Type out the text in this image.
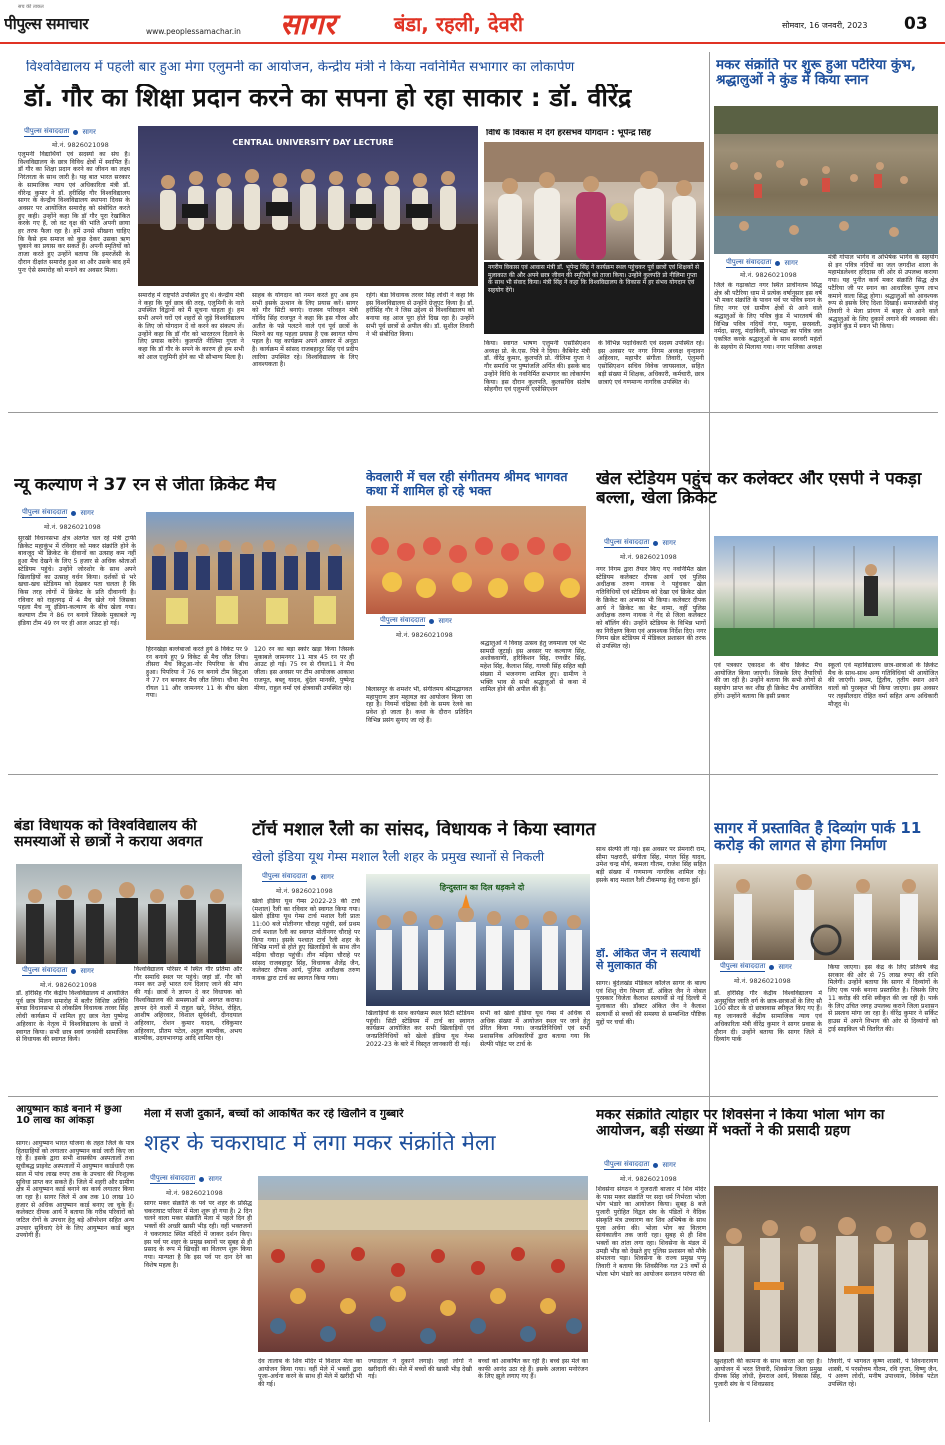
सच की ताकत
पीपुल्स समाचार	www.peoplessamachar.in सागर	बंडा, रहली, देवरी	सोमवार, 16 जनवरी, 2023 03
विश्वविद्यालय में पहली बार हुआ मेगा एलुमनी का आयोजन, केन्द्रीय मंत्री ने किया नवनिर्मित सभागार का लोकार्पण
डॉ. गौर का शिक्षा प्रदान करने का सपना हो रहा साकार : डॉ. वीरेंद्र
पीपुल्स संवाददाता सागर
मो.नं. 9826021098
एलुमनी विद्यार्थियों एवं सदस्यों का संघ है। विश्वविद्यालय के छात्र विविध क्षेत्रों में स्थापित हैं। डॉ गौर का शिक्षा प्रदान करने का जीवन का लक्ष्य निरंतरता के साथ जारी है। यह बात भारत सरकार के सामाजिक न्याय एवं अधिकारिता मंत्री डॉ. वीरेन्द्र कुमार ने डॉ. हरीसिंह गौर विश्वविद्यालय सागर के केन्द्रीय विश्वविद्यालय स्थापना दिवस के अवसर पर आयोजित समारोह को संबोधित करते हुए कही। उन्होंने कहा कि डॉ गौर पूरा रेखांकित करके गए हैं, जो वट वृक्ष की भांति अपनी छाया हर तरफ फैला रहा है। हमें उनसे सीखना चाहिए कि कैसे हम समाज को कुछ देकर उसका ऋण चुकाने का प्रयास कर सकते हैं। अपनी स्मृतियों को ताजा करते हुए उन्होंने बताया कि इमरजेंसी के दौरान दीक्षांत समारोह हुआ था और उसके बाद हमें पुनः ऐसे समारोह को मनाने का अवसर मिला।
CENTRAL UNIVERSITY DAY LECTURE
समारोह में राष्ट्रपति उपस्थित हुए थे। केन्द्रीय मंत्री ने कहा कि पूर्व छात्र की तरह, एलुमिनी के नाते उपस्थित विद्वानों को मैं सूचना चाहता हूं। हम सभी अपने घरों एवं शहरों से जुड़े विश्वविद्यालय के लिए जो योगदान दें वो करने का संकल्प लें। उन्होंने कहा कि डॉ गौर को भारतरत्न दिलाने के लिए प्रयास करेंगे। कुलपति नीलिमा गुप्ता ने कहा कि डॉ गौर के सपने के कारण ही हम सभी को आज एलुमिनी होने का भी सौभाग्य मिला है।
साहब के योगदान को नमन करते हुए अब हम सभी इसके उत्थान के लिए प्रयास करें। सागर को गौर सिटी बनाएं। राजस्व परिवहन मंत्री गोविंद सिंह राजपूत ने कहा कि इस गौरव और अतीत के पन्ने पलटने वाले एवं पूर्व छात्रों के मिलने का यह पहला प्रयास है एक स्वागत योग्य पहल है। यह कार्यक्रम अपने आकार में अनूठा है। कार्यक्रम में सांसद राजबहादुर सिंह एवं प्रदीप लारिया उपस्थित रहे। विश्वविद्यालय के लिए आवश्यकता है।
रहेंगे। बंडा विधायक तरवर सिंह लोधी ने कहा कि इस विश्वविद्यालय से उन्होंने ग्रेजुएट किया है। डॉ. हरीसिंह गौर ने जिस उद्देश्य से विश्वविद्यालय को बनाया वह आज पूरा होते दिख रहा है। उन्होंने सभी पूर्व छात्रों से अपील की। डॉ. सुशील तिवारी ने भी संबोधित किया।
विधि के विकास में देंगे हरसंभव योगदान : भूपेन्द्र सिंह
नगरीय विकास एवं आवास मंत्री डॉ. भूपेन्द्र सिंह ने कार्यक्रम स्थल पहुंचकर पूर्व छात्रों एवं शिक्षकों से मुलाकात की और अपने छात्र जीवन की स्मृतियों को ताजा किया। उन्होंने कुलपति प्रो नीलिमा गुप्ता के साथ भी संवाद किया। मंत्री सिंह ने कहा कि विश्वविद्यालय के विकास में हर संभव योगदान एवं सहयोग देंगे।
किया। स्वागत भाषण एलुमनी एसोसिएशन अध्यक्ष प्रो. के.एस. पित्रे ने दिया। कैबिनेट मंत्री डॉ. वीरेंद्र कुमार, कुलपति प्रो. नीलिमा गुप्ता ने गौर समाधि पर पुष्पांजलि अर्पित की। इसके बाद उन्होंने विधि के नवनिर्मित सभागार का लोकार्पण किया। इस दौरान कुलपति, कुलसचिव संतोष सोहगौरा एवं एलुमनी एसोसिएशन
के विभिन्न पदाधिकारी एवं सदस्य उपस्थित रहे। इस अवसर पर नगर निगम अध्यक्ष वृन्दावन अहिरवार, महापौर संगीता तिवारी, एलुमनी एसोसिएशन सचिव विवेक जायसवाल, सहित बड़ी संख्या में शिक्षक, अधिकारी, कर्मचारी, छात्र छात्राएं एवं गणमान्य नागरिक उपस्थित थे।
मकर संक्रांति पर शुरू हुआ पटैरिया कुंभ, श्रद्धालुओं ने कुंड में किया स्नान
पीपुल्स संवाददाता सागर
मो.नं. 9826021098
जिले के गढ़ाकोटा नगर स्थित प्राचीनतम सिद्ध क्षेत्र श्री पटैरिया धाम में प्रत्येक वर्षानुसार इस वर्ष भी मकर संक्रांति के पावन पर्व पर पवित्र स्नान के लिए नगर एवं ग्रामीण क्षेत्रों से आने वाले श्रद्धालुओं के लिए पवित्र कुंड में भारतवर्ष की विभिन्न पवित्र नदियों गंगा, यमुना, सरस्वती, नर्मदा, सरयू, मंदाकिनी, सोनभद्रा का पवित्र जल एकत्रित करके श्रद्धालुओं के साथ सरवरी महंतों के सहयोग से मिलाया गया। नगर पालिका अध्यक्ष
मंत्री गोपाल भार्गव व अभिषेक भार्गव के सहयोग से इन पवित्र नदियों का जल जगदीश शाला के महामंडलेश्वर हरिदास जी ओर से उपलब्ध कराया गया। यह पुनीत कार्य मकर संक्रांति सिद्ध क्षेत्र पटैरिया जी पर स्नान का आधारिक पुण्य लाभ कमाने वाला सिद्ध होगा। श्रद्धालुओं को आवश्यक रूप से इसके लिए दिशा दिखाई। समाजसेवी संजू तिवारी ने मेला प्रांगण में बाहर से आने वाले श्रद्धालुओं के लिए दुकानें लगाने की व्यवस्था की। उन्होंने कुंड में स्नान भी किया।
न्यू कल्याण ने 37 रन से जीता क्रिकेट मैच
पीपुल्स संवाददाता सागर
मो.नं. 9826021098
सुरखी विधानसभा क्षेत्र अंतर्गत चल रहे मंत्री ट्राफी क्रिकेट महाकुंभ में रविवार को मकर संक्रांति होने के बावजूद भी क्रिकेट के दीवानों का उत्साह कम नहीं हुआ मैच देखने के लिए 5 हजार से अधिक श्रोताओं स्टेडियम पहुंचे। उन्होंने जोरशोर के साथ अपने खिलाड़ियों का उत्साह वर्धन किया। दर्शकों से भरे खचा-खच स्टेडियम को देखकर पता चलता है कि किस तरह लोगों में क्रिकेट के प्रति दीवानगी है। रविवार को राहतगढ़ में 4 मैच खेले गये जिसका पहला मैच न्यू इंडिया-कल्याण के बीच खेला गया। कल्याण टीम ने 86 रन बनाये जिसके मुकाबले न्यू इंडिया टीम 49 रन पर ही आल आउट हो गई।
हिरनखेड़ा बल्लेबाजों करते हुये 8 विकेट पर 9 रन बनाये हुए 9 विकेट से मैच जीत लिया। तीसरा मैच किटुआ-नोर पिपरिया के बीच हुआ। पिपरिया ने 76 रन बनाये टीम किटुआ ने 77 रन बनाकर मैच जीत लिया। चौथा मैच रॉयल 11 और जामनगर 11 के बीच खेला गया।
120 रन का बड़ा स्कोर खड़ा किया जिसके मुकाबले जामनगर 11 मात्र 45 रन पर ही आउट हो गई। 75 रन से रॉयल11 ने मैच जीता। इस अवसर पर टीम आयोजक आकाश राजपूत, बब्लू यादव, बुंदेल मानकी, पुष्पेन्द्र मीणा, राहुल वर्मा एवं क्षेत्रवासी उपस्थित रहे।
केवलारी में चल रही संगीतमय श्रीमद भागवत कथा में शामिल हो रहे भक्त
पीपुल्स संवाददाता सागर
मो.नं. 9826021098
बिलासपुर के शमशेर भी, संगीतमय श्रीमद्भागवत महापुराण ज्ञान महायज्ञ का आयोजन किया जा रहा है। नियमों चंद्रिका देवी के समय रेलवे का प्रवेश हो जाता है। कथा के दौरान प्रतिदिन विभिन्न प्रसंग सुनाए जा रहे हैं।
श्रद्धालुओं ने विवाह उत्सव हेतु जयमाला एवं भेंट सामग्री जुटाई। इस अवसर पर कल्याण सिंह, अशोकवाणी, हरिकिशन सिंह, रणधीर सिंह, महेश सिंह, कैलाश सिंह, गायत्री सिंह सहित बड़ी संख्या में भजनगण शामिल हुए। ग्रामीण ने भक्ति भाव से सभी श्रद्धालुओं से कथा में शामिल होने की अपील की है।
खेल स्टेडियम पहुंच कर कलेक्टर और एसपी ने पकड़ा बल्ला, खेला क्रिकेट
पीपुल्स संवाददाता सागर
मो.नं. 9826021098
नगर निगम द्वारा तैयार किए गए नवनिर्मित खेल स्टेडियम कलेक्टर दीपक आर्य एवं पुलिस अधीक्षक तरुण नायक ने पहुंचकर खेल गतिविधियों एवं स्टेडियम को देखा एवं क्रिकेट खेल के क्रिकेट का अभ्यास भी किया। कलेक्टर दीपक आर्य ने क्रिकेट का बैट थामा, वहीं पुलिस अधीक्षक तरुण नायक ने गेंद से जिला कलेक्टर को बॉलिंग की। उन्होंने स्टेडियम के विभिन्न भागों का निरीक्षण किया एवं आवश्यक निर्देश दिए। नगर निगम खेल स्टेडियम में मेडिकल प्रशासन की तरफ से उपस्थित रहे।
एवं पत्रकार एकादश के बीच क्रिकेट मैच आयोजित किया जाएगी। जिसके लिए तैयारियों की जा रही है। उन्होंने बताया कि सभी लोगों से सहयोग प्राप्त कर शीघ्र ही क्रिकेट मैच आयोजित होंगे। उन्होंने बताया कि इसी प्रकार
स्कूलों एवं महाविद्यालय छात्र-छात्राओं के क्रिकेट मैच के साथ-साथ अन्य गतिविधियां भी आयोजित की जाएंगी। प्रथम, द्वितीय, तृतीय स्थान आने वालों को पुरस्कृत भी किया जाएगा। इस अवसर पर तहसीलदार रोहित वर्मा सहित अन्य अधिकारी मौजूद थे।
बंडा विधायक को विश्वविद्यालय की समस्याओं से छात्रों ने कराया अवगत
पीपुल्स संवाददाता सागर
मो.नं. 9826021098
डॉ. हरिसिंह गौर केंद्रीय विश्वविद्यालय में आयोजित पूर्व छात्र मिलन समारोह में बतौर विशिष्ट अतिथि बण्डा विधानसभा से लोकप्रिय विधायक तरवर सिंह लोधी कार्यक्रम में शामिल हुए छात्र नेता पुष्पेन्द्र अहिरवार के नेतृत्व में विश्वविद्यालय के छात्रों ने स्वागत किया। सभी छात्र स्वयं जनसेवी सामाजिक से विधायक की स्वागत किये।
विश्वविद्यालय परिसर में स्थित गौर प्रतिमा और गौर समाधि स्थल पर पहुंचे। जहां डॉ. गौर को नमन कर उन्हें भारत रत्न दिलाए जाने की मांग की गई। छात्रों ने ज्ञापन दे कर विधायक को विश्वविद्यालय की समस्याओं से अवगत कराया। ज्ञापन देने वालों में राहुल खरे, नितेश, रोहित, आशीष अहिरवार, विशाल सूर्यवंशी, दीनदयाल अहिरवार, रोशन कुमार यादव, रविकुमार अहिरवार, प्रीतम पटेल, अतुल बाल्मीक, अभय बाल्मीक, उदयभानगढ़ आदि शामिल रहे।
टॉर्च मशाल रैली का सांसद, विधायक ने किया स्वागत
खेलो इंडिया यूथ गेम्स मशाल रैली शहर के प्रमुख स्थानों से निकली
पीपुल्स संवाददाता सागर
मो.नं. 9826021098
खेलो इंडिया यूथ गेम्स 2022-23 की टार्च (मशाल) रैली का रविवार को स्वागत किया गया। खेलो इंडिया यूथ गेम्स टार्च मशाल रैली प्रातः 11:00 बजे मोतीनगर चौराहा पहुंची, सर्व प्रथम टार्च मशाल रैली का स्वागत मोतीनगर चौराहे पर किया गया। इसके पश्चात टार्च रैली शहर के विभिन्न मार्गों से होते हुए खिलाड़ियों के साथ तीन मढ़िया चौराहा पहुंची। तीन मढ़िया चौराहे पर सांसद राजबहादुर सिंह, विधायक शैलेंद्र जैन, कलेक्टर दीपक आर्य, पुलिस अधीक्षक तरुण नायक द्वारा टार्च का स्वागत किया गया।
हिन्दुस्तान का दिल धड़कने दो
खिलाड़ियों के साथ कार्यक्रम स्थल सिटी स्टेडियम पहुंची। सिटी स्टेडियम में टार्च का स्वागत कार्यक्रम आयोजित कर सभी खिलाड़ियों एवं जनप्रतिनिधियों को खेलो इंडिया यूथ गेम्स 2022-23 के बारे में विस्तृत जानकारी दी गई।
सभी को खेलो इंडिया यूथ गेम्स में अधिक से अधिक संख्या में आयोजन स्थल पर जाने हेतु प्रेरित किया गया। जनप्रतिनिधियों एवं सभी प्रशासनिक अधिकारियों द्वारा बताया गया कि सेल्फी पॉइंट पर टार्च के
साथ सेल्फी ली गई। इस अवसर पर प्रेमनारी राम, सीमा पक्षरारी, संगीता सिंह, मंगल सिंह यादव, उमेश चन्द्र मौर्य, कमला गौतम, राजेश सिंह सहित बड़ी संख्या में गणमान्य नागरिक शामिल रहे। इसके बाद मशाल रैली टीकमगढ़ हेतु रवाना हुई।
डॉ. अंकित जैन ने सत्यार्थी से मुलाकात की
सागर। बुंदेलखंड मेडिकल कॉलेज सागर के बाल्य एवं शिशु रोग विभाग डॉ. अंकित जैन ने नोबल पुरस्कार विजेता कैलाश सत्यार्थी से नई दिल्ली में मुलाकात की। डॉक्टर अंकित जैन ने कैलाश सत्यार्थी से बच्चों की समस्या से सम्बन्धित पौष्टिक मुद्दों पर चर्चा की।
सागर में प्रस्तावित है दिव्यांग पार्क 11 करोड़ की लागत से होगा निर्माण
पीपुल्स संवाददाता सागर
मो.नं. 9826021098
डॉ. हरिसिंह गौर केंद्रीय विश्वविद्यालय में अनुसूचित जाति वर्ग के छात्र-छात्राओं के लिए सौ 100 सीटर के दो छात्रावास स्वीकृत किए गए हैं। यह जानकारी केंद्रीय सामाजिक न्याय एवं अधिकारिता मंत्री वीरेंद्र कुमार ने सागर प्रवास के दौरान दी। उन्होंने बताया कि सागर जिले में दिव्यांग पार्क
किया जाएगा। इस केंद्र के लिए प्रतिवर्ष केंद्र सरकार की ओर से 75 लाख रुपए की राशि मिलेगी। उन्होंने बताया कि सागर में दिव्यांगों के लिए एक पार्क बनाना प्रस्तावित है। जिसके लिए 11 करोड़ की राशि स्वीकृत की जा रही है। पार्क के लिए उचित जगह उपलब्ध कराने जिला प्रशासन से प्रस्ताव मांगा जा रहा है। वीरेंद्र कुमार ने सर्किट हाउस में अपने विभाग की ओर से दिव्यांगों को ट्राई साइकिल भी वितरित की।
आयुष्मान कार्ड बनाने में छुआ 10 लाख का आंकड़ा
सागर। आयुष्मान भारत योजना के तहत जिले के पात्र हितग्राहियों को लगातार आयुष्मान कार्ड जारी किए जा रहे हैं। इसके द्वारा सभी शासकीय अस्पतालों तथा सूचीबद्ध प्राइवेट अस्पतालों में आयुष्मान कार्डधारी एक साल में पांच लाख रुपए तक के उपचार की निःशुल्क सुविधा प्राप्त कर सकते हैं। जिले में शहरी और ग्रामीण क्षेत्र में आयुष्मान कार्ड बनाने का कार्य लगातार किया जा रहा है। सागर जिले में अब तक 10 लाख 10 हजार से अधिक आयुष्मान कार्ड बनाए जा चुके हैं। कलेक्टर दीपक आर्य ने बताया कि गरीब परिवारों को जटिल रोगों के उपचार हेतु बड़े ऑपरेशन सहित अन्य उपचार सुविधाएं देने के लिए आयुष्मान कार्ड बहुत उपयोगी है।
मेला में सजी दुकानें, बच्चों को आकर्षित कर रहे खिलौने व गुब्बारे
शहर के चकराघाट में लगा मकर संक्रांति मेला
पीपुल्स संवाददाता सागर
मो.नं. 9826021098
सागर मकर संक्रांति के पर्व पर शहर के प्रसिद्ध चकराघाट परिसर में मेला शुरू हो गया है। 2 दिन चलने वाला मकर संक्रांति मेला में पहले दिन ही भक्तों की अच्छी खासी भीड़ रही। वहीं भक्तजनों ने चकराघाट स्थित मंदिरों में जाकर दर्शन किए। इस पर्व पर शहर के प्रमुख स्थानों पर सुबह से ही प्रसाद के रूप में खिचड़ी का वितरण शुरू किया गया। मान्यता है कि इस पर्व पर दान देने का विशेष महत्व है।
देव तालाब के शिव मंदिर में विशाल मेला का आयोजन किया गया। वहीं मेले में भक्तों द्वारा पूजा-अर्चना करने के साथ ही मेले में खरीदी भी की गई।
ज्यादातर ने दुकानें लगाई। जहां लोगों ने खरीदारी की। मेले में बच्चों की खासी भीड़ देखी गई।
बच्चों को आकर्षित कर रही है। बच्चे इस मेले का काफी आनंद उठा रहे हैं। इसके अलावा मनोरंजन के लिए झूले लगाए गए हैं।
मकर संक्रांति त्योहार पर शिवसेना ने किया भोला भोग का आयोजन, बड़ी संख्या में भक्तों ने की प्रसादी ग्रहण
पीपुल्स संवाददाता सागर
मो.नं. 9826021098
शिवसेना संगठन ने गुजराती बाजार में शिव मंदिर के पास मकर संक्रांति पर सदा धर्म निर्भरता भोला भोग भंडारे का आयोजन किया। सुबह 8 बजे पुजारी पुरोहित विद्वत संघ के पंडितों ने वैदिक संस्कृति मंत्र उच्चारण कर शिव अभिषेक के साथ पूजा अर्चना की। भोला भोग का वितरण सायंकालीन तक जारी रहा। सुबह से ही शिव भक्तों का तांता लगा रहा। शिवसेना के मंडल में उमड़ी भीड़ को देखते हुए पुलिस प्रशासन को मौके संभालना पड़ा। शिवसेना के राज्य प्रमुख पप्पू तिवारी ने बताया कि शिवसैनिक गत 23 वर्षों से भोला भोग भंडारे का आयोजन सनातन परंपरा की
खुशहाली की कामना के साथ करता आ रहा है। आयोजन में भरत तिवारी, शिवसेना जिला प्रमुख दीपक सिंह लोधी, हेमराज आर्य, विकास सिंह, पुजारी संघ के पं शिवप्रसाद
तिवारी, पं भागवत कृष्ण शास्त्री, पं शिवनारायण शास्त्री, पं परसोत्तम गौतम, रवि गुप्ता, विष्णु जैन, पं अरुण लोधी, मनीष उपाध्याय, विवेक पटेल उपस्थित रहे।
